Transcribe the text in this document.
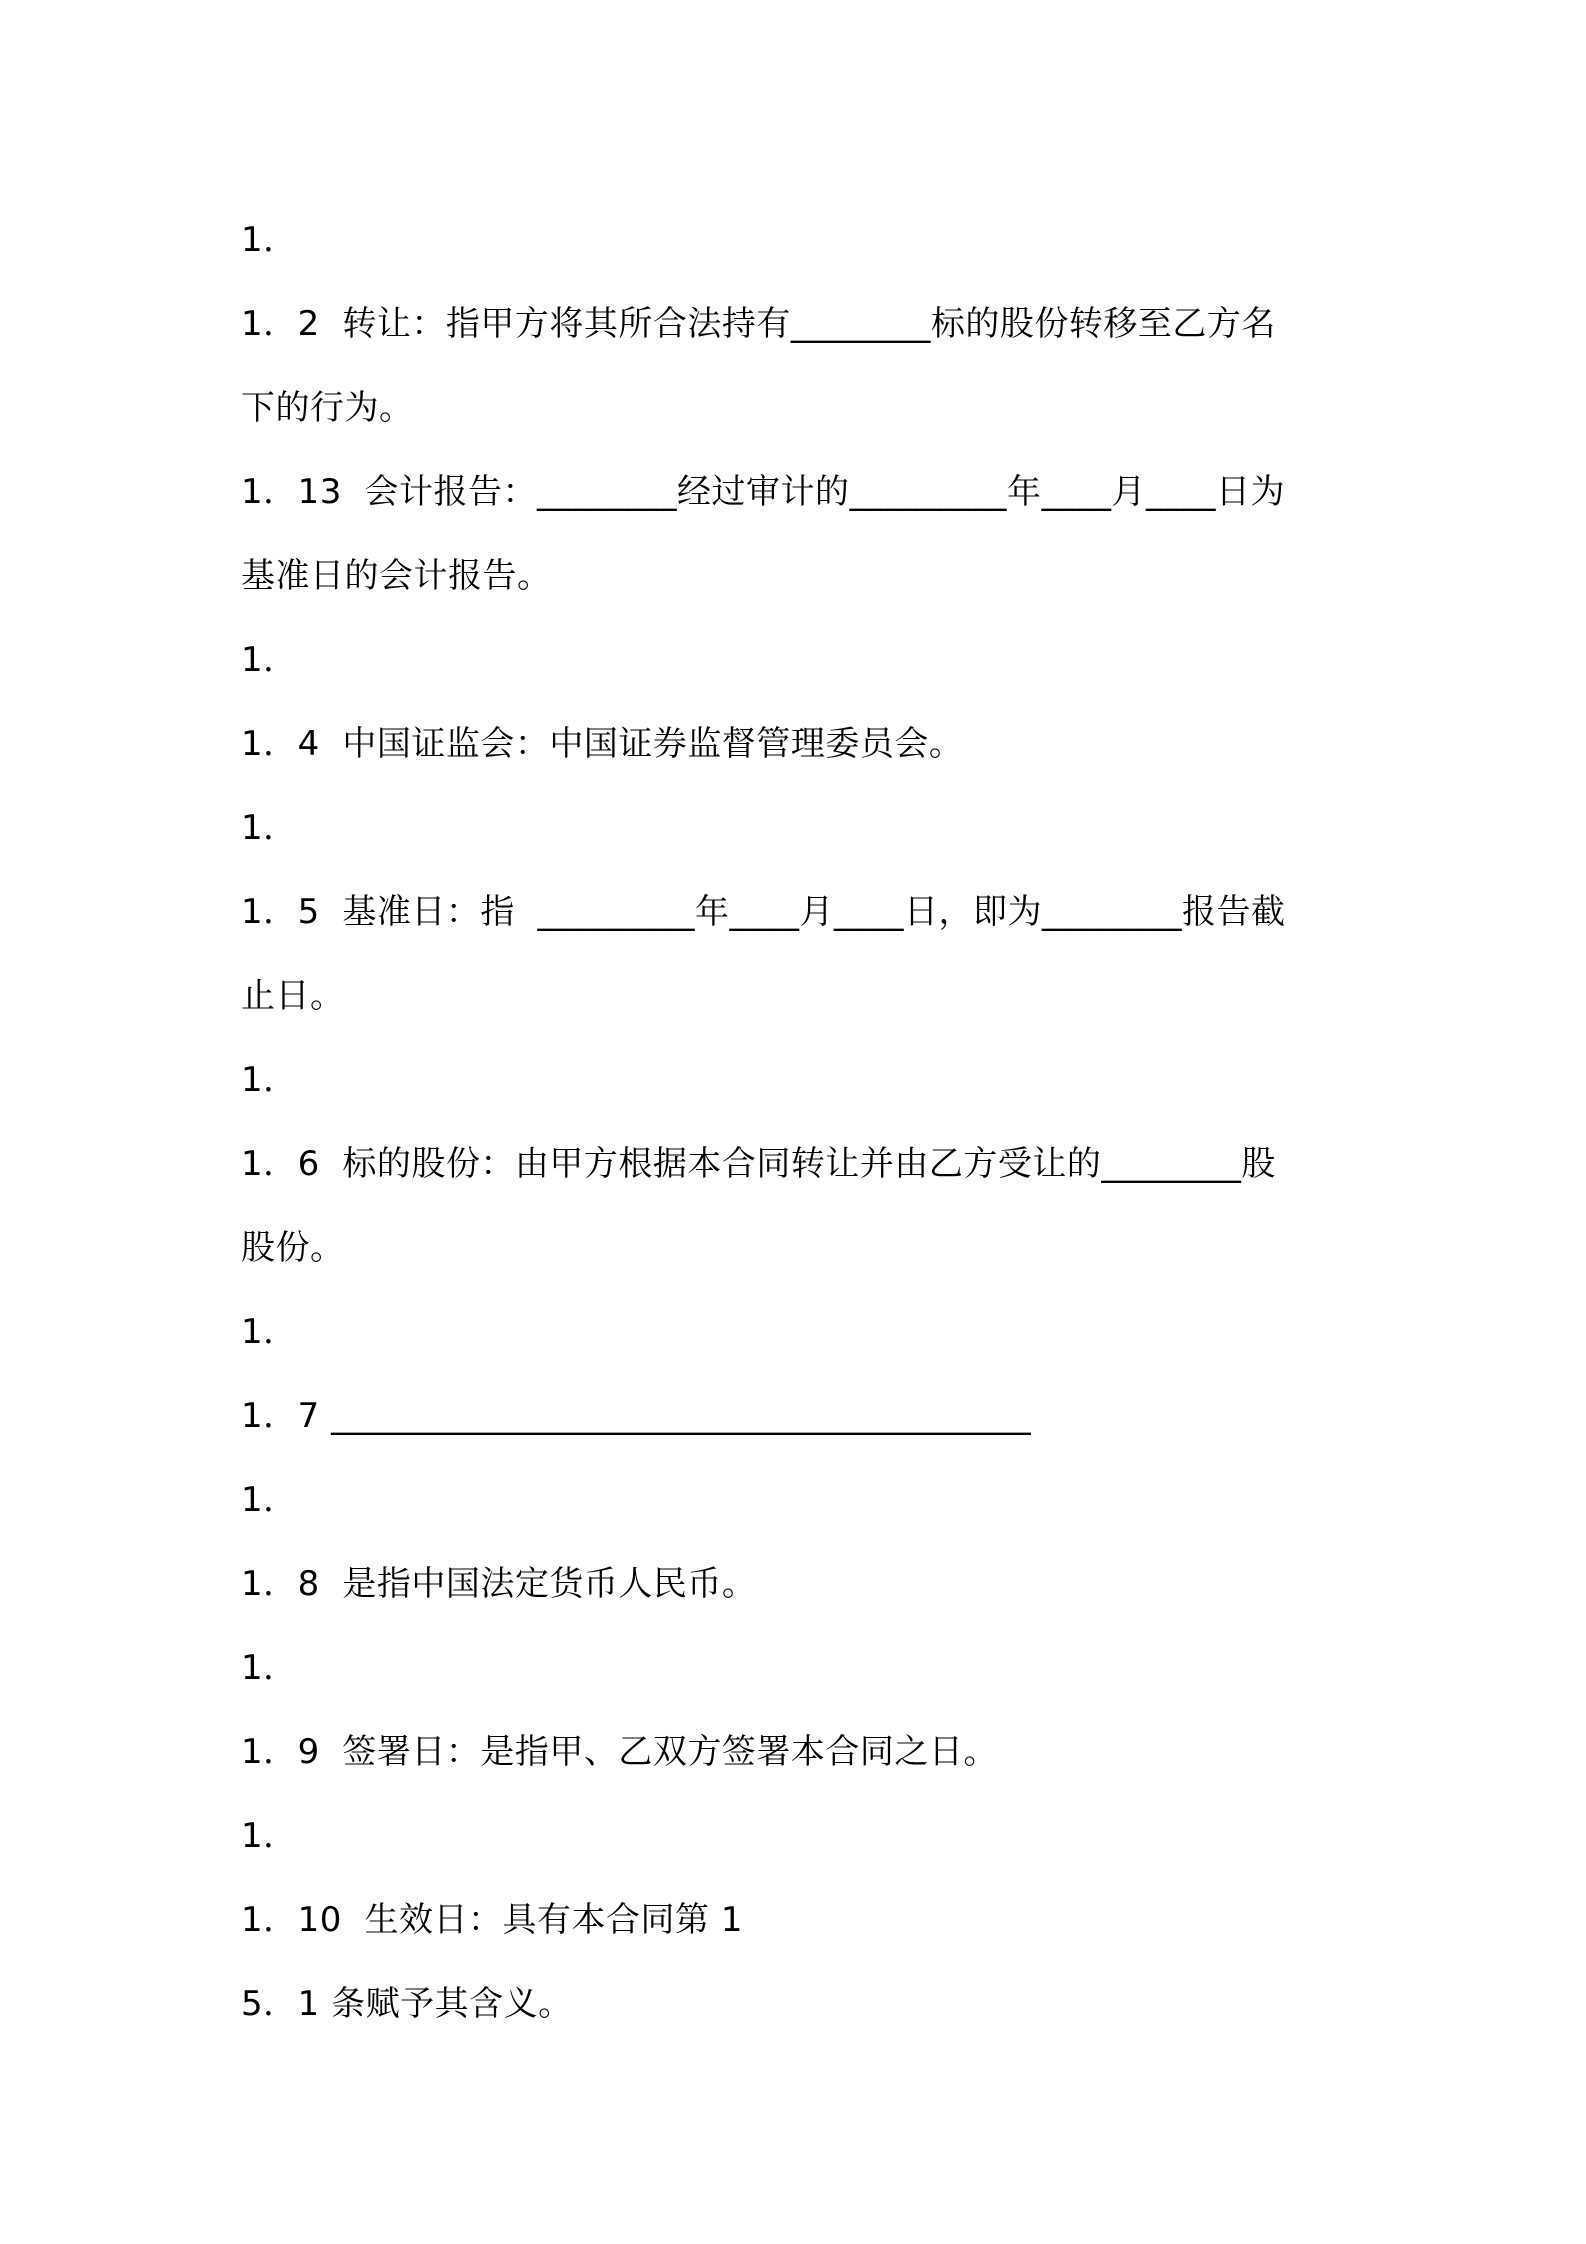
1．
1．2  转让：指甲方将其所合法持有________标的股份转移至乙方名
下的行为。
1．13  会计报告：________经过审计的_________年____月____日为
基准日的会计报告。
1．
1．4  中国证监会：中国证券监督管理委员会。
1．
1．5  基准日：指  _________年____月____日，即为________报告截
止日。
1．
1．6  标的股份：由甲方根据本合同转让并由乙方受让的________股
股份。
1．
1．7 ________________________________________
1．
1．8  是指中国法定货币人民币。
1．
1．9  签署日：是指甲、乙双方签署本合同之日。
1．
1．10  生效日：具有本合同第 1
5．1 条赋予其含义。
